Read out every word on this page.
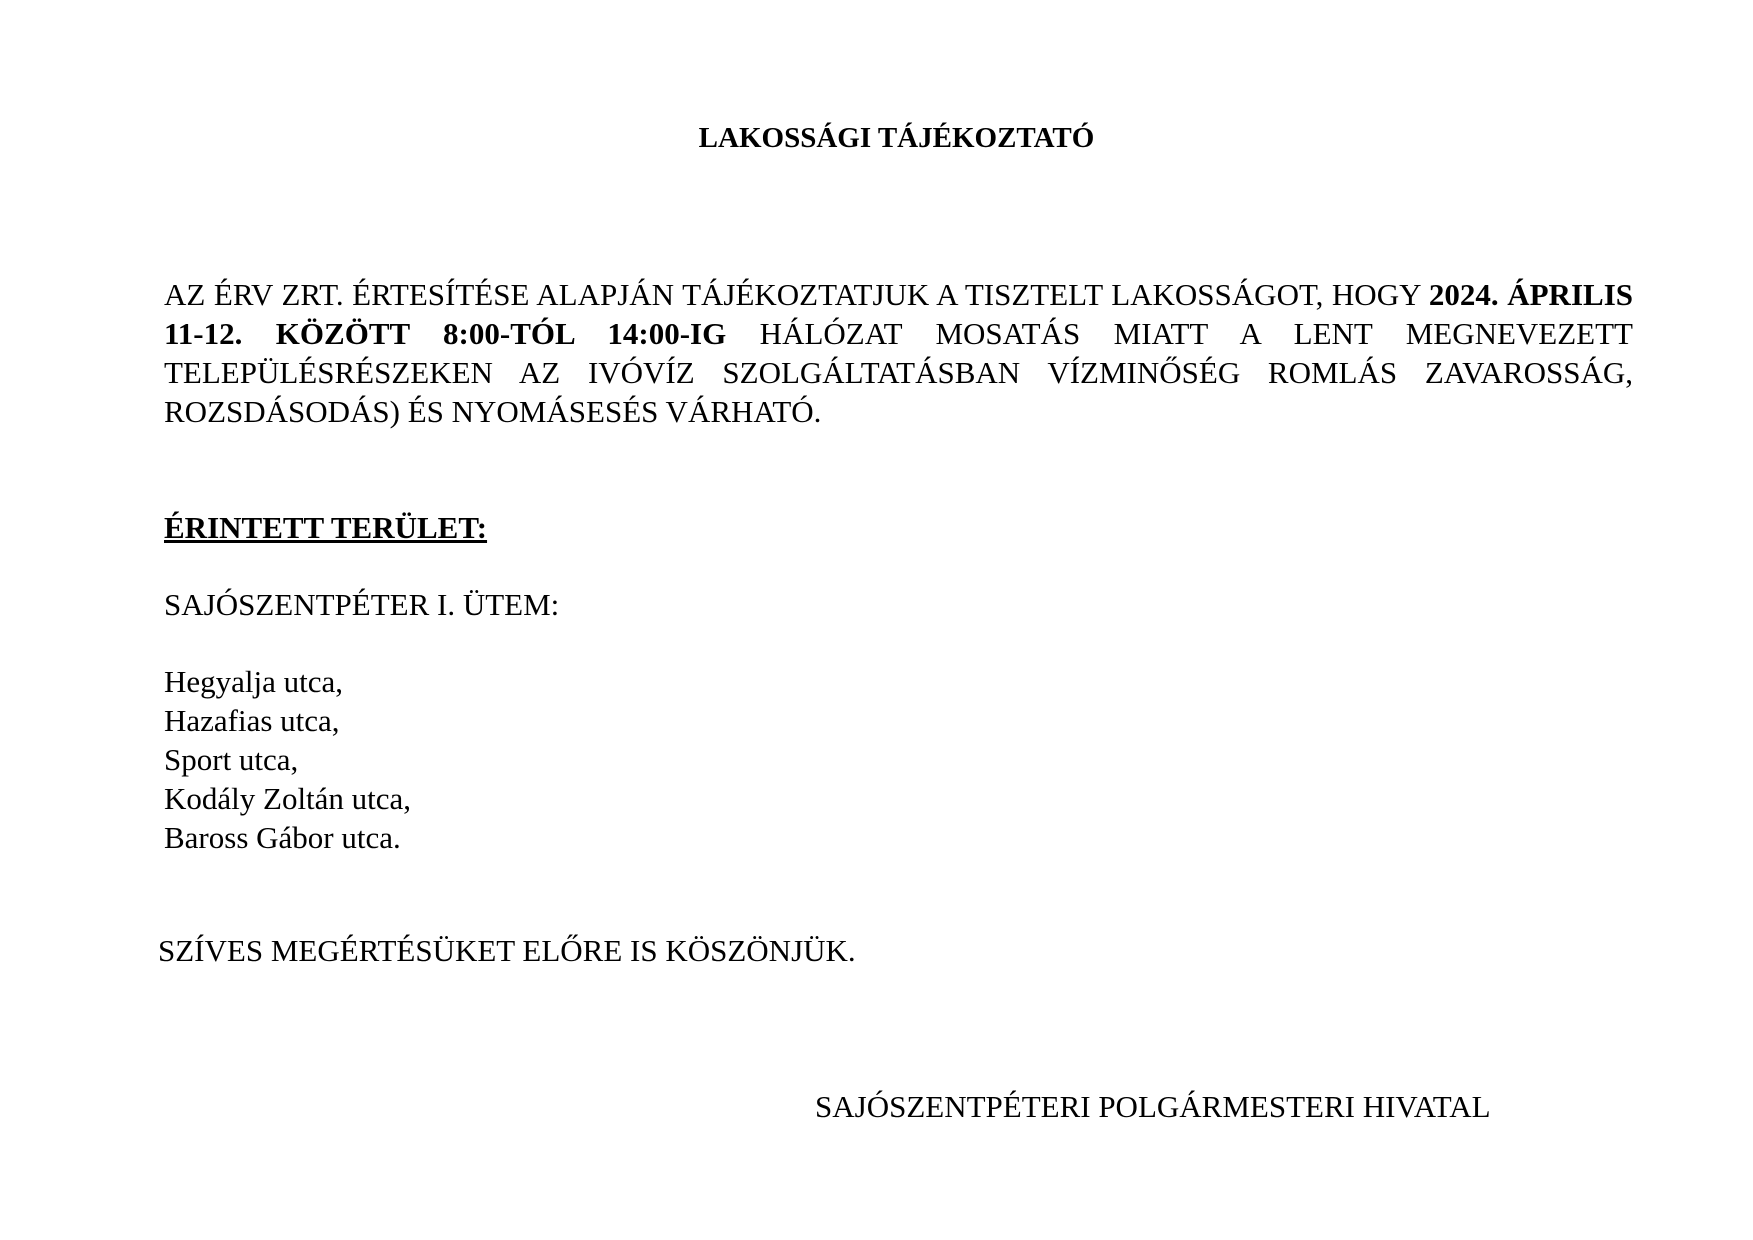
LAKOSSÁGI TÁJÉKOZTATÓ

AZ ÉRV ZRT. ÉRTESÍTÉSE ALAPJÁN TÁJÉKOZTATJUK A TISZTELT LAKOSSÁGOT, HOGY 2024. ÁPRILIS 11-12. KÖZÖTT 8:00-TÓL 14:00-IG HÁLÓZAT MOSATÁS MIATT A LENT MEGNEVEZETT TELEPÜLÉSRÉSZEKEN AZ IVÓVÍZ SZOLGÁLTATÁSBAN VÍZMINŐSÉG ROMLÁS ZAVAROSSÁG, ROZSDÁSODÁS) ÉS NYOMÁSESÉS VÁRHATÓ.

ÉRINTETT TERÜLET:
SAJÓSZENTPÉTER I. ÜTEM:
Hegyalja utca,
Hazafias utca,
Sport utca,
Kodály Zoltán utca,
Baross Gábor utca.
SZÍVES MEGÉRTÉSÜKET ELŐRE IS KÖSZÖNJÜK.
SAJÓSZENTPÉTERI POLGÁRMESTERI HIVATAL
